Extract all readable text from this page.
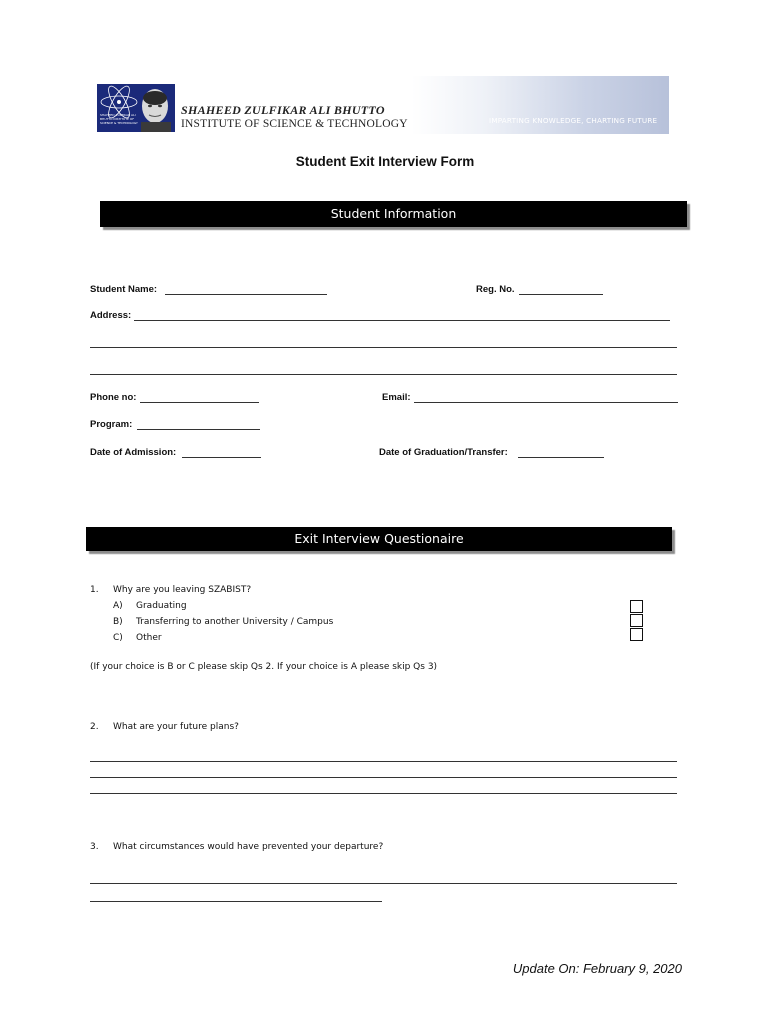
SHAHEED ZULFIKAR ALI BHUTTO INSTITUTE OF SCIENCE & TECHNOLOGY
SHAHEED ZULFIKAR ALI BHUTTO
INSTITUTE OF SCIENCE & TECHNOLOGY	IMPARTING KNOWLEDGE, CHARTING FUTURE
Student Exit Interview Form
Student Information
Student Name:	Reg. No.
Address:
Phone no:	Email:
Program:
Date of Admission:	Date of Graduation/Transfer:
Exit Interview Questionaire
1. Why are you leaving SZABIST?
A) Graduating
B) Transferring to another University / Campus
C) Other
(If your choice is B or C please skip Qs 2. If your choice is A please skip Qs 3)
2. What are your future plans?
3. What circumstances would have prevented your departure?
Update On: February 9, 2020
